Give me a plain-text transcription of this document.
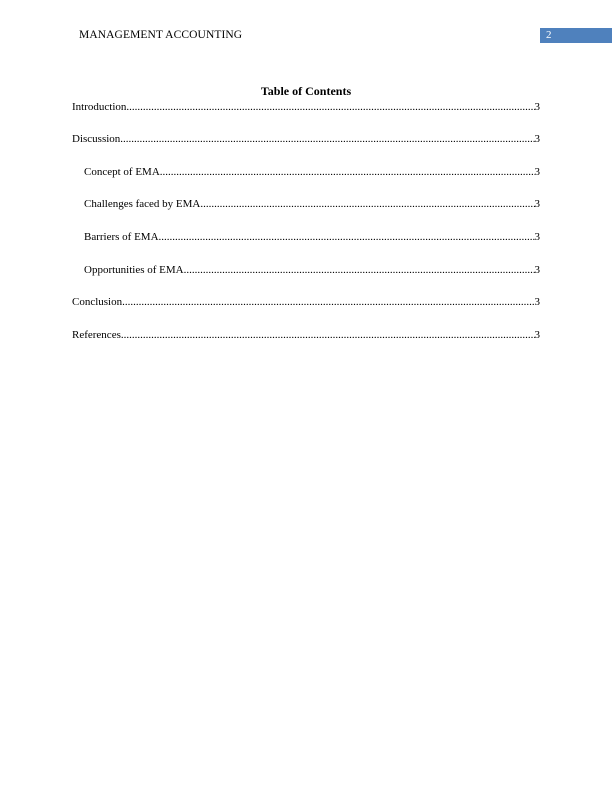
MANAGEMENT ACCOUNTING	2
Table of Contents
Introduction .....	3
Discussion .....	3
Concept of EMA .....	3
Challenges faced by EMA .....	3
Barriers of EMA .....	3
Opportunities of EMA .....	3
Conclusion .....	3
References .....	3
